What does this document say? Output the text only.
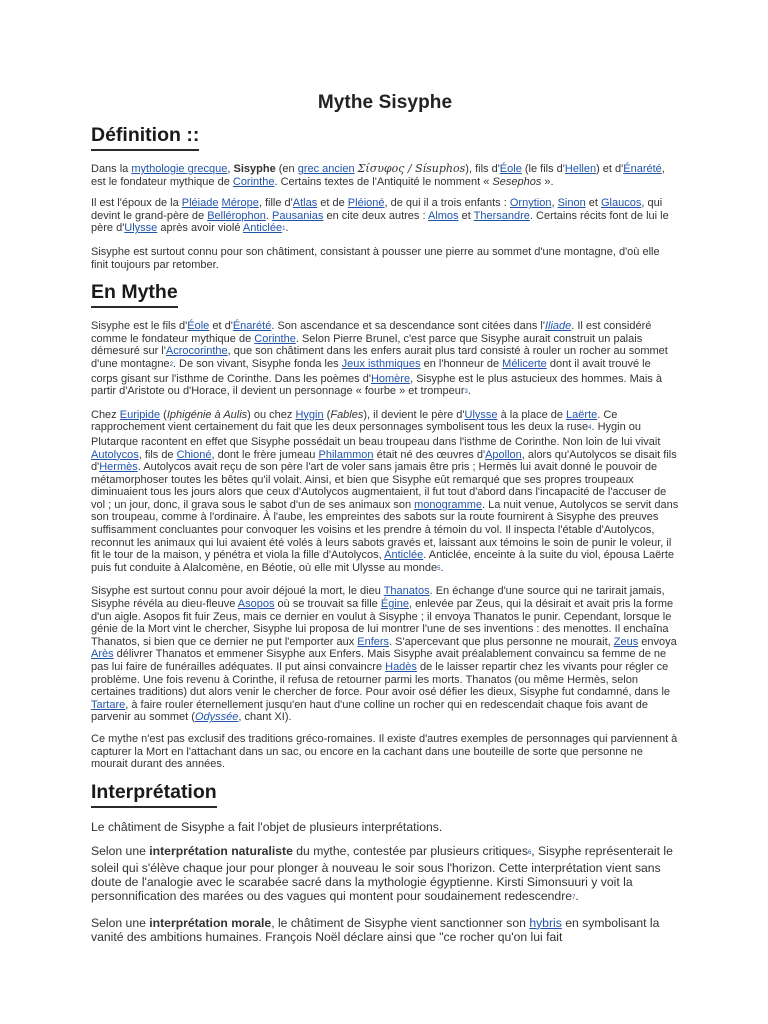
Mythe Sisyphe
Définition ::

Dans la mythologie grecque, Sisyphe (en grec ancien Σίσυφος / Sísuphos), fils d'Éole (le fils d'Hellen) et d'Énarété, est le fondateur mythique de Corinthe. Certains textes de l'Antiquité le nomment « Sesephos ».

Il est l'époux de la Pléiade Mérope, fille d'Atlas et de Pléioné, de qui il a trois enfants : Ornytion, Sinon et Glaucos, qui devint le grand-père de Bellérophon. Pausanias en cite deux autres : Almos et Thersandre. Certains récits font de lui le père d'Ulysse après avoir violé Anticlée$^1$.

Sisyphe est surtout connu pour son châtiment, consistant à pousser une pierre au sommet d'une montagne, d'où elle finit toujours par retomber.

En Mythe

Sisyphe est le fils d'Éole et d'Énarété. Son ascendance et sa descendance sont citées dans l'Iliade. Il est considéré comme le fondateur mythique de Corinthe. Selon Pierre Brunel, c'est parce que Sisyphe aurait construit un palais démesuré sur l'Acrocorinthe, que son châtiment dans les enfers aurait plus tard consisté à rouler un rocher au sommet d'une montagne$^2$. De son vivant, Sisyphe fonda les Jeux isthmiques en l'honneur de Mélicerte dont il avait trouvé le corps gisant sur l'isthme de Corinthe. Dans les poèmes d'Homère, Sisyphe est le plus astucieux des hommes. Mais à partir d'Aristote ou d'Horace, il devient un personnage « fourbe » et trompeur$^3$.

Chez Euripide (Iphigénie à Aulis) ou chez Hygin (Fables), il devient le père d'Ulysse à la place de Laërte. Ce rapprochement vient certainement du fait que les deux personnages symbolisent tous les deux la ruse$^4$. Hygin ou Plutarque racontent en effet que Sisyphe possédait un beau troupeau dans l'isthme de Corinthe. Non loin de lui vivait Autolycos, fils de Chioné, dont le frère jumeau Philammon était né des œuvres d'Apollon, alors qu'Autolycos se disait fils d'Hermès. Autolycos avait reçu de son père l'art de voler sans jamais être pris ; Hermès lui avait donné le pouvoir de métamorphoser toutes les bêtes qu'il volait. Ainsi, et bien que Sisyphe eût remarqué que ses propres troupeaux diminuaient tous les jours alors que ceux d'Autolycos augmentaient, il fut tout d'abord dans l'incapacité de l'accuser de vol ; un jour, donc, il grava sous le sabot d'un de ses animaux son monogramme. La nuit venue, Autolycos se servit dans son troupeau, comme à l'ordinaire. À l'aube, les empreintes des sabots sur la route fournirent à Sisyphe des preuves suffisamment concluantes pour convoquer les voisins et les prendre à témoin du vol. Il inspecta l'étable d'Autolycos, reconnut les animaux qui lui avaient été volés à leurs sabots gravés et, laissant aux témoins le soin de punir le voleur, il fit le tour de la maison, y pénétra et viola la fille d'Autolycos, Anticlée. Anticlée, enceinte à la suite du viol, épousa Laërte puis fut conduite à Alalcomène, en Béotie, où elle mit Ulysse au monde$^5$.

Sisyphe est surtout connu pour avoir déjoué la mort, le dieu Thanatos. En échange d'une source qui ne tarirait jamais, Sisyphe révéla au dieu-fleuve Asopos où se trouvait sa fille Égine, enlevée par Zeus, qui la désirait et avait pris la forme d'un aigle. Asopos fit fuir Zeus, mais ce dernier en voulut à Sisyphe ; il envoya Thanatos le punir. Cependant, lorsque le génie de la Mort vint le chercher, Sisyphe lui proposa de lui montrer l'une de ses inventions : des menottes. Il enchaîna Thanatos, si bien que ce dernier ne put l'emporter aux Enfers. S'apercevant que plus personne ne mourait, Zeus envoya Arès délivrer Thanatos et emmener Sisyphe aux Enfers. Mais Sisyphe avait préalablement convaincu sa femme de ne pas lui faire de funérailles adéquates. Il put ainsi convaincre Hadès de le laisser repartir chez les vivants pour régler ce problème. Une fois revenu à Corinthe, il refusa de retourner parmi les morts. Thanatos (ou même Hermès, selon certaines traditions) dut alors venir le chercher de force. Pour avoir osé défier les dieux, Sisyphe fut condamné, dans le Tartare, à faire rouler éternellement jusqu'en haut d'une colline un rocher qui en redescendait chaque fois avant de parvenir au sommet (Odyssée, chant XI).

Ce mythe n'est pas exclusif des traditions gréco-romaines. Il existe d'autres exemples de personnages qui parviennent à capturer la Mort en l'attachant dans un sac, ou encore en la cachant dans une bouteille de sorte que personne ne mourait durant des années.

Interprétation

Le châtiment de Sisyphe a fait l'objet de plusieurs interprétations.

Selon une interprétation naturaliste du mythe, contestée par plusieurs critiques$^6$, Sisyphe représenterait le soleil qui s'élève chaque jour pour plonger à nouveau le soir sous l'horizon. Cette interprétation vient sans doute de l'analogie avec le scarabée sacré dans la mythologie égyptienne. Kirsti Simonsuuri y voit la personnification des marées ou des vagues qui montent pour soudainement redescendre$^7$.

Selon une interprétation morale, le châtiment de Sisyphe vient sanctionner son hybris en symbolisant la vanité des ambitions humaines. François Noël déclare ainsi que "ce rocher qu'on lui fait
